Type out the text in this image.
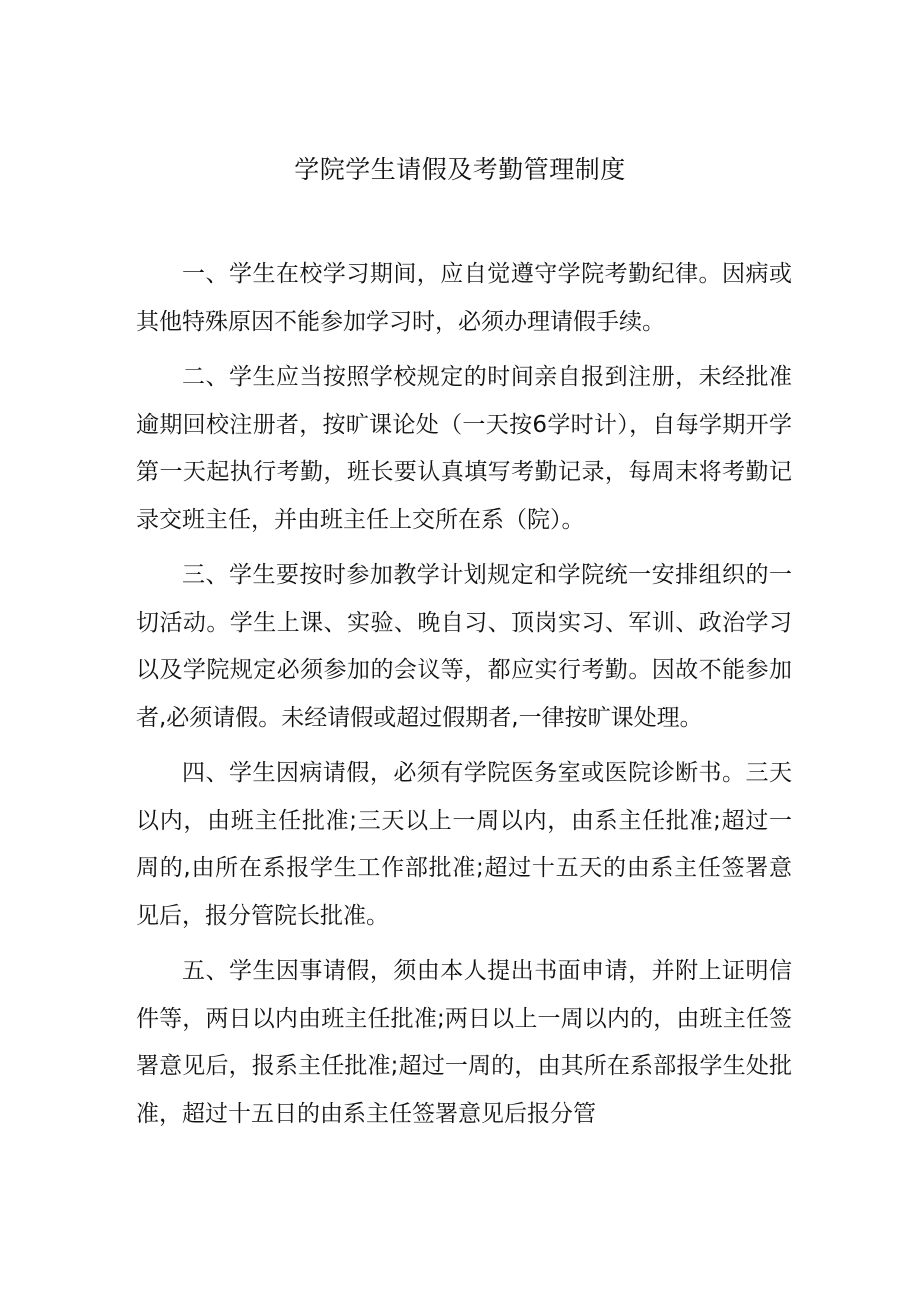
学院学生请假及考勤管理制度

一、学生在校学习期间，应自觉遵守学院考勤纪律。因病或其他特殊原因不能参加学习时，必须办理请假手续。

二、学生应当按照学校规定的时间亲自报到注册，未经批准逾期回校注册者，按旷课论处（一天按6学时计），自每学期开学第一天起执行考勤，班长要认真填写考勤记录，每周末将考勤记录交班主任，并由班主任上交所在系（院）。

三、学生要按时参加教学计划规定和学院统一安排组织的一切活动。学生上课、实验、晚自习、顶岗实习、军训、政治学习以及学院规定必须参加的会议等，都应实行考勤。因故不能参加者,必须请假。未经请假或超过假期者,一律按旷课处理。

四、学生因病请假，必须有学院医务室或医院诊断书。三天以内，由班主任批准;三天以上一周以内，由系主任批准;超过一周的,由所在系报学生工作部批准;超过十五天的由系主任签署意见后，报分管院长批准。

五、学生因事请假，须由本人提出书面申请，并附上证明信件等，两日以内由班主任批准;两日以上一周以内的，由班主任签署意见后，报系主任批准;超过一周的，由其所在系部报学生处批准，超过十五日的由系主任签署意见后报分管
